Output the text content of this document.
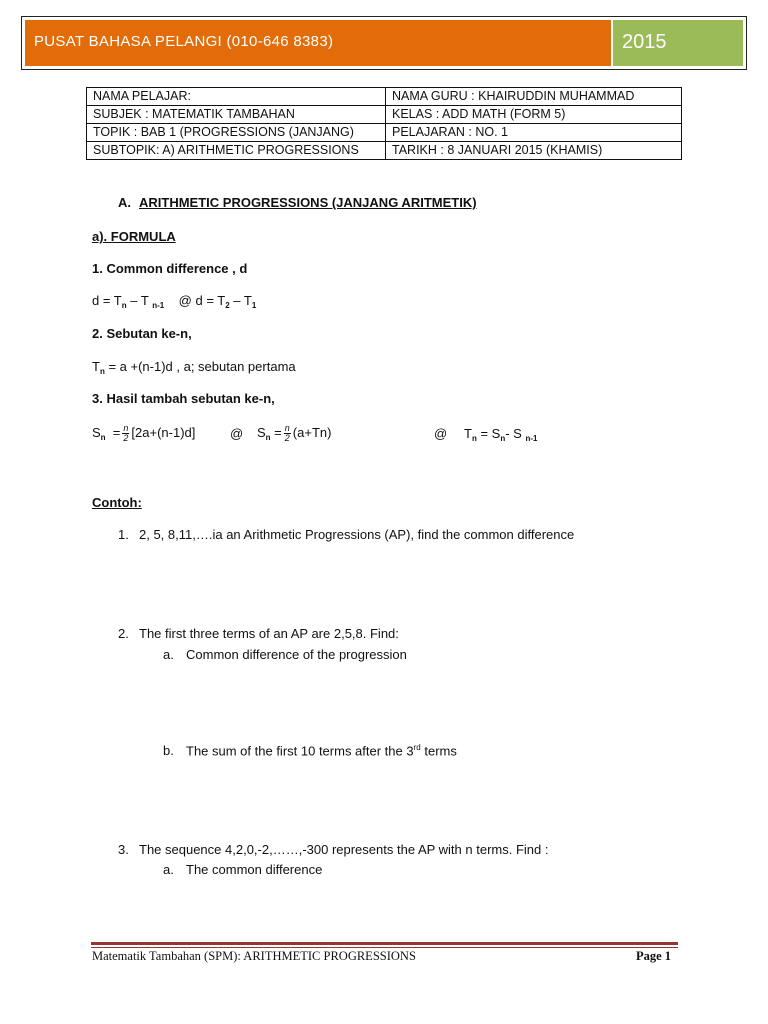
PUSAT BAHASA PELANGI (010-646 8383)	2015
NAMA PELAJAR:	NAMA GURU : KHAIRUDDIN MUHAMMAD
SUBJEK : MATEMATIK TAMBAHAN	KELAS : ADD MATH (FORM 5)
TOPIK : BAB 1 (PROGRESSIONS (JANJANG)	PELAJARAN : NO. 1
SUBTOPIK: A) ARITHMETIC PROGRESSIONS	TARIKH : 8 JANUARI 2015 (KHAMIS)
A. ARITHMETIC PROGRESSIONS (JANJANG ARITMETIK)
a). FORMULA
1. Common difference , d
$d = T_n - T$ $_{n-1}$ @ $d = T_2 - T_1$
2. Sebutan ke-n,
$T_n = a +(n-1)d$ , a; sebutan pertama
3. Hasil tambah sebutan ke-n,
$S_n = \frac{n}{2} [2a+(n-1)d]$	@ $S_n = \frac{n}{2} (a+Tn)$	@ $T_n = S_n-$ S $_{n-1}$
Contoh:
1. 2, 5, 8,11,….ia an Arithmetic Progressions (AP), find the common difference
2. The first three terms of an AP are 2,5,8. Find:
a. Common difference of the progression
b. The sum of the first 10 terms after the 3rd terms
3. The sequence 4,2,0,-2,……,-300 represents the AP with n terms. Find :
a. The common difference
Matematik Tambahan (SPM): ARITHMETIC PROGRESSIONS	Page 1
